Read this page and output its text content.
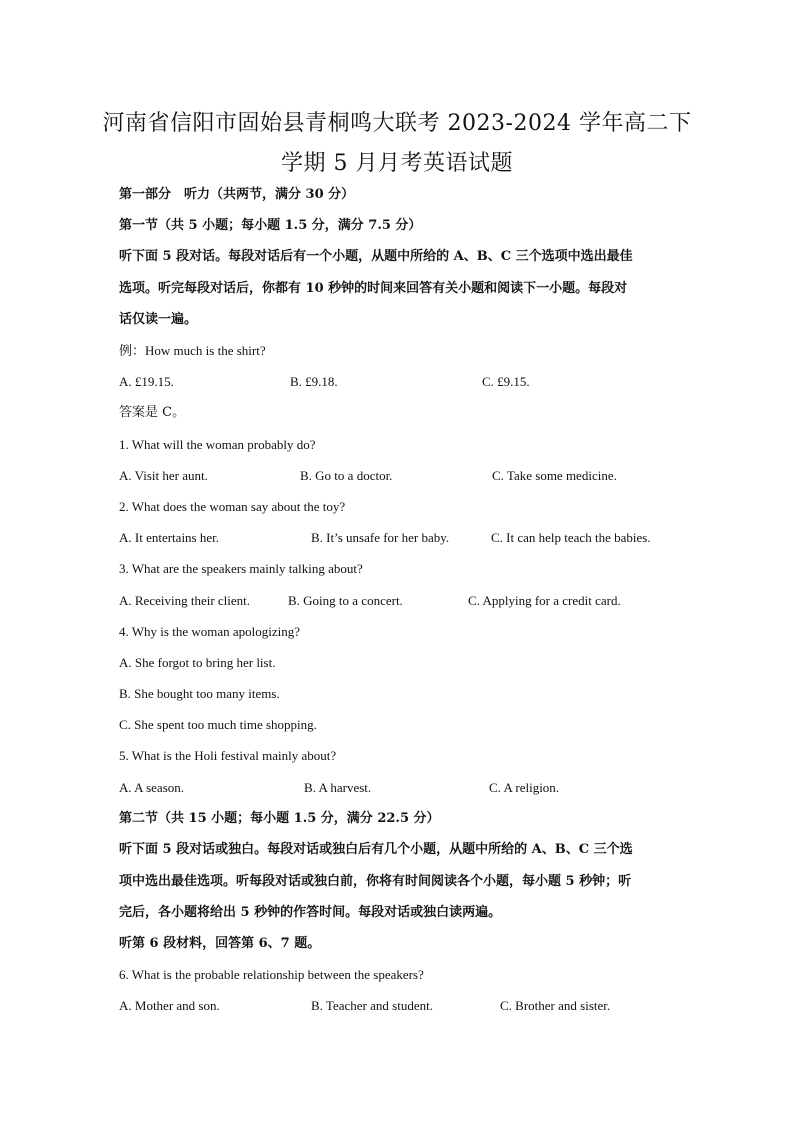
河南省信阳市固始县青桐鸣大联考 2023-2024 学年高二下
学期 5 月月考英语试题
第一部分　听力（共两节，满分 30 分）
第一节（共 5 小题；每小题 1.5 分，满分 7.5 分）
听下面 5 段对话。每段对话后有一个小题，从题中所给的 A、B、C 三个选项中选出最佳
选项。听完每段对话后，你都有 10 秒钟的时间来回答有关小题和阅读下一小题。每段对
话仅读一遍。
例：How much is the shirt?
A. £19.15.	B. £9.18.	C. £9.15.
答案是 C。
1. What will the woman probably do?
A. Visit her aunt.	B. Go to a doctor.	C. Take some medicine.
2. What does the woman say about the toy?
A. It entertains her.	B. It’s unsafe for her baby.	C. It can help teach the babies.
3. What are the speakers mainly talking about?
A. Receiving their client.	B. Going to a concert.	C. Applying for a credit card.
4. Why is the woman apologizing?
A. She forgot to bring her list.
B. She bought too many items.
C. She spent too much time shopping.
5. What is the Holi festival mainly about?
A. A season.	B. A harvest.	C. A religion.
第二节（共 15 小题；每小题 1.5 分，满分 22.5 分）
听下面 5 段对话或独白。每段对话或独白后有几个小题，从题中所给的 A、B、C 三个选
项中选出最佳选项。听每段对话或独白前，你将有时间阅读各个小题，每小题 5 秒钟；听
完后，各小题将给出 5 秒钟的作答时间。每段对话或独白读两遍。
听第 6 段材料，回答第 6、7 题。
6. What is the probable relationship between the speakers?
A. Mother and son.	B. Teacher and student.	C. Brother and sister.
